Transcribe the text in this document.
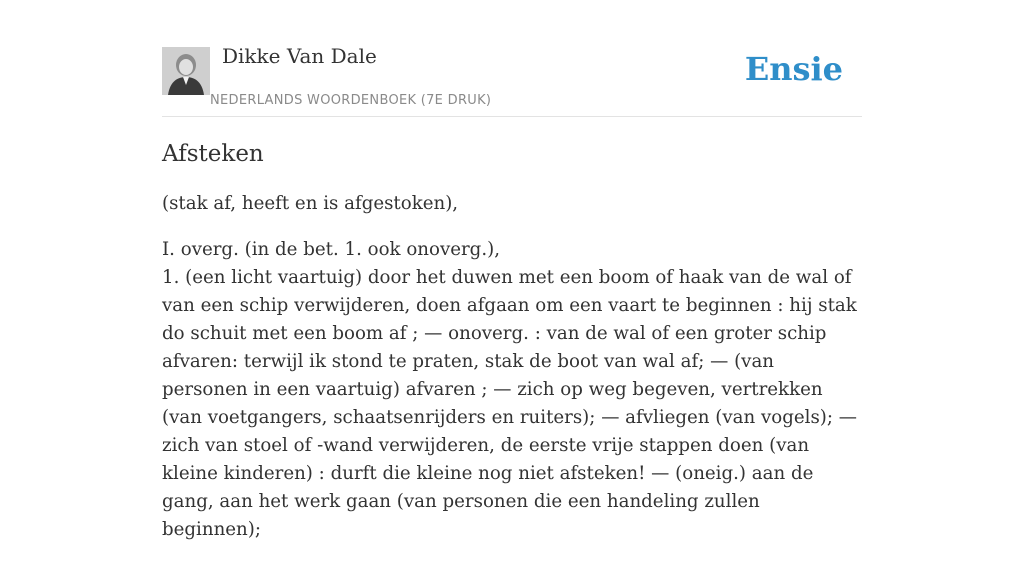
Dikke Van Dale
NEDERLANDS WOORDENBOEK (7E DRUK)
Ensie
Afsteken

(stak af, heeft en is afgestoken),

I. overg. (in de bet. 1. ook onoverg.),
1. (een licht vaartuig) door het duwen met een boom of haak van de wal of van een schip verwijderen, doen afgaan om een vaart te beginnen : hij stak do schuit met een boom af ; — onoverg. : van de wal of een groter schip afvaren: terwijl ik stond te praten, stak de boot van wal af; — (van personen in een vaartuig) afvaren ; — zich op weg begeven, vertrekken (van voetgangers, schaatsenrijders en ruiters); — afvliegen (van vogels); — zich van stoel of -wand verwijderen, de eerste vrije stappen doen (van kleine kinderen) : durft die kleine nog niet afsteken! — (oneig.) aan de gang, aan het werk gaan (van personen die een handeling zullen beginnen);
